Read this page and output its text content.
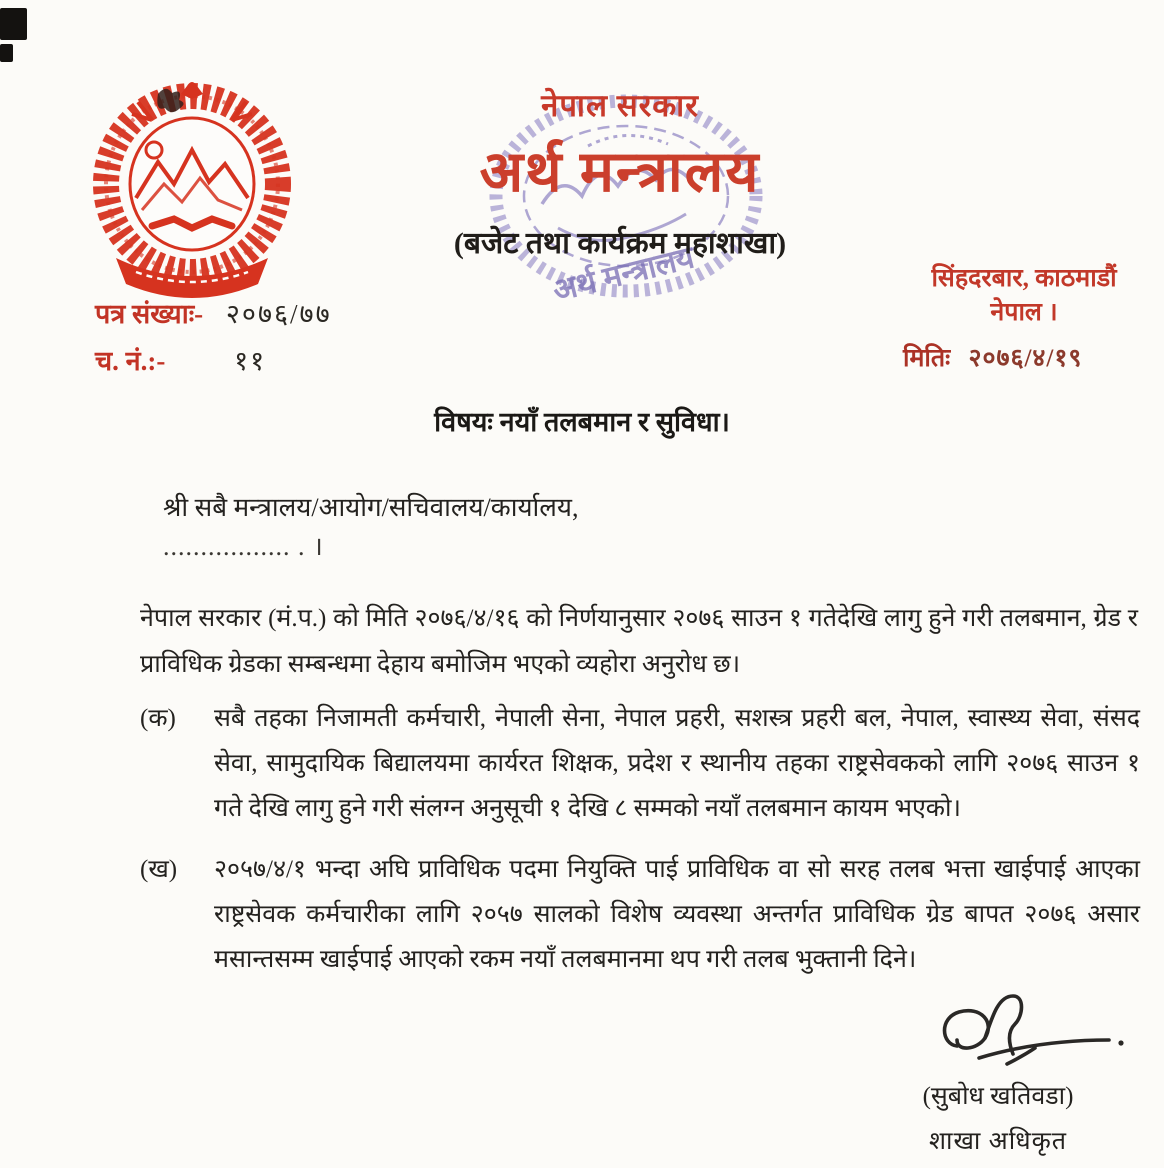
अर्थ मन्त्रालय
नेपाल सरकार
अर्थ मन्त्रालय
(बजेट तथा कार्यक्रम महाशाखा)
पत्र संख्याः- २०७६/७७
च. नं.:-	११
सिंहदरबार, काठमाडौं
नेपाल ।
मितिः २०७६/४/१९
विषयः नयाँ तलबमान र सुविधा।
श्री सबै मन्त्रालय/आयोग/सचिवालय/कार्यालय,
................. . ।
नेपाल सरकार (मं.प.) को मिति २०७६/४/१६ को निर्णयानुसार २०७६ साउन १ गतेदेखि लागु हुने गरी तलबमान, ग्रेड र प्राविधिक ग्रेडका सम्बन्धमा देहाय बमोजिम भएको व्यहोरा अनुरोध छ।
(क)	सबै तहका निजामती कर्मचारी, नेपाली सेना, नेपाल प्रहरी, सशस्त्र प्रहरी बल, नेपाल, स्वास्थ्य सेवा, संसद सेवा, सामुदायिक बिद्यालयमा कार्यरत शिक्षक, प्रदेश र स्थानीय तहका राष्ट्रसेवकको लागि २०७६ साउन १ गते देखि लागु हुने गरी संलग्न अनुसूची १ देखि ८ सम्मको नयाँ तलबमान कायम भएको।
(ख)	२०५७/४/१ भन्दा अघि प्राविधिक पदमा नियुक्ति पाई प्राविधिक वा सो सरह तलब भत्ता खाईपाई आएका राष्ट्रसेवक कर्मचारीका लागि २०५७ सालको विशेष व्यवस्था अन्तर्गत प्राविधिक ग्रेड बापत २०७६ असार मसान्तसम्म खाईपाई आएको रकम नयाँ तलबमानमा थप गरी तलब भुक्तानी दिने।
(सुबोध खतिवडा)
शाखा अधिकृत
